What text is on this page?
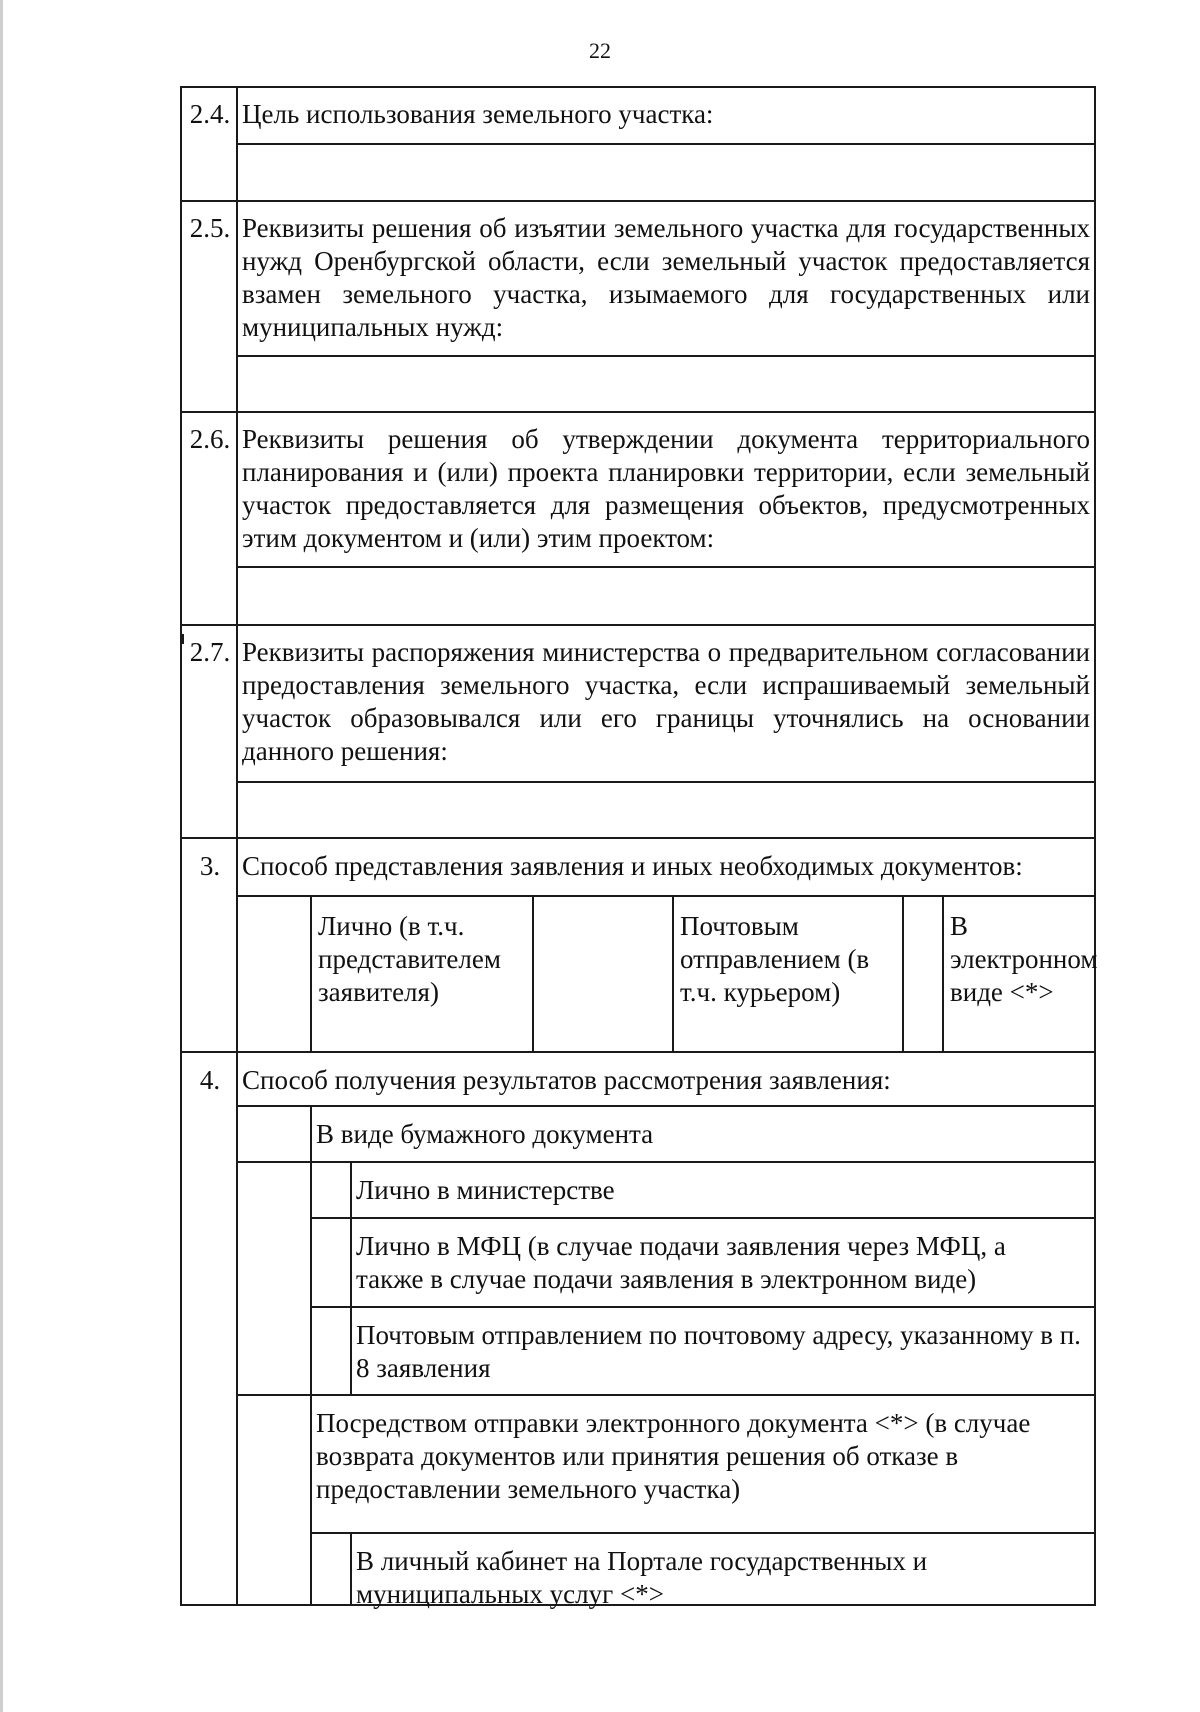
22
2.4. Цель использования земельного участка:
2.5. Реквизиты решения об изъятии земельного участка для государственных нужд Оренбургской области, если земельный участок предоставляется взамен земельного участка, изымаемого для государственных или муниципальных нужд:
2.6. Реквизиты решения об утверждении документа территориального планирования и (или) проекта планировки территории, если земельный участок предоставляется для размещения объектов, предусмотренных этим документом и (или) этим проектом:
2.7. Реквизиты распоряжения министерства о предварительном согласовании предоставления земельного участка, если испрашиваемый земельный участок образовывался или его границы уточнялись на основании данного решения:
3. Способ представления заявления и иных необходимых документов:
Лично (в т.ч. представителем заявителя)
Почтовым отправлением (в т.ч. курьером)
В электронном виде <*>
4. Способ получения результатов рассмотрения заявления:
В виде бумажного документа
Лично в министерстве
Лично в МФЦ (в случае подачи заявления через МФЦ, а также в случае подачи заявления в электронном виде)
Почтовым отправлением по почтовому адресу, указанному в п. 8 заявления
Посредством отправки электронного документа <*> (в случае возврата документов или принятия решения об отказе в предоставлении земельного участка)
В личный кабинет на Портале государственных и муниципальных услуг <*>
